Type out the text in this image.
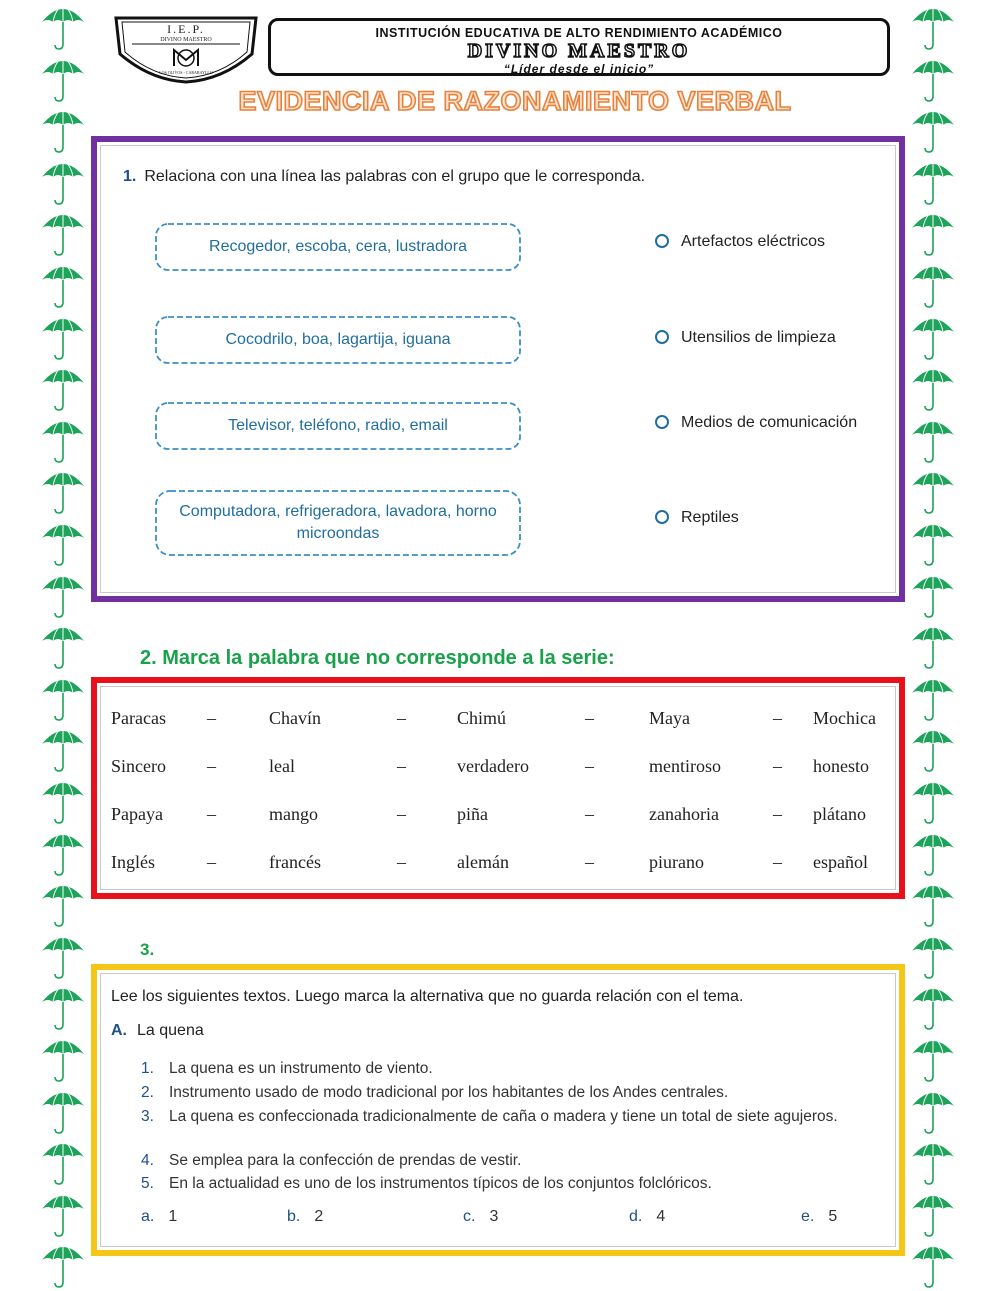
I.E.P.
DIVINO MAESTRO
LOS OLIVOS - CARABAYLLO
INSTITUCIÓN EDUCATIVA DE ALTO RENDIMIENTO ACADÉMICO
DIVINO MAESTRO
“Líder desde el inicio”
EVIDENCIA DE RAZONAMIENTO VERBAL
1. Relaciona con una línea las palabras con el grupo que le corresponda.
Recogedor, escoba, cera, lustradora
Cocodrilo, boa, lagartija, iguana
Televisor, teléfono, radio, email
Computadora, refrigeradora, lavadora, horno microondas
Artefactos eléctricos
Utensilios de limpieza
Medios de comunicación
Reptiles
2. Marca la palabra que no corresponde a la serie:
Paracas –	Chavín	–	Chimú	–	Maya	– Mochica
Sincero –	leal	–	verdadero	–	mentiroso	– honesto
Papaya –	mango	–	piña	–	zanahoria	– plátano
Inglés	–	francés	–	alemán	–	piurano	– español
3.
Lee los siguientes textos. Luego marca la alternativa que no guarda relación con el tema.
A. La quena
1. La quena es un instrumento de viento.
2. Instrumento usado de modo tradicional por los habitantes de los Andes centrales.
3. La quena es confeccionada tradicionalmente de caña o madera y tiene un total de siete agujeros.
4. Se emplea para la confección de prendas de vestir.
5. En la actualidad es uno de los instrumentos típicos de los conjuntos folclóricos.
a. 1	b. 2	c. 3	d. 4	e. 5
